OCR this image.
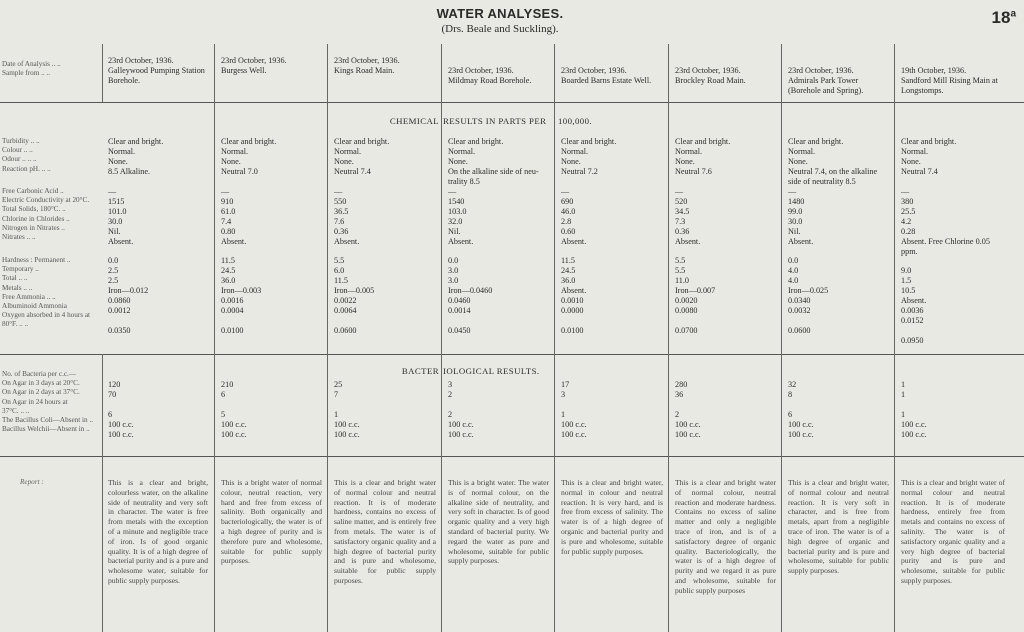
WATER ANALYSES.
(Drs. Beale and Suckling).
18$^a$
Date of Analysis .. ..
Sample from .. ..
Turbidity .. ..
Colour .. ..
Odour .. .. ..
Reaction pH. .. ..
Free Carbonic Acid ..
Electric Conductivity at 20°C.
Total Solids, 180°C. ..
Chlorine in Chlorides ..
Nitrogen in Nitrates ..
Nitrates .. ..
Hardness : Permanent ..
Temporary ..
Total .. ..
Metals .. ..
Free Ammonia .. ..
Albuminoid Ammonia
Oxygen absorbed in 4 hours at
80°F. .. ..
No. of Bacteria per c.c.—
On Agar in 3 days at 20°C.
On Agar in 2 days at 37°C.
On Agar in 24 hours at
37°C. .. ..
The Bacillus Coli—Absent in ..
Bacillus Welchii—Absent in ..
Report :
CHEMICAL RESULTS IN PARTS PER 100,000.
BACTER IOLOGICAL RESULTS.
23rd October, 1936.
Galleywood Pumping Station
Borehole.
Clear and bright.
Normal.
None.
8.5 Alkaline.
—
1515
101.0
30.0
Nil.
Absent.
0.0
2.5
2.5
Iron—0.012
0.0860
0.0012

0.0350

120
70

6
100 c.c.
100 c.c.
This is a clear and bright, colourless water, on the alkaline side of neutrality and very soft in character. The water is free from metals with the exception of a minute and negligible trace of iron. Is of good organic quality. It is of a high degree of bacterial purity and is a pure and wholesome water, suitable for public supply purposes.
23rd October, 1936.
Burgess Well.
Clear and bright.
Normal.
None.
Neutral 7.0
—
910
61.0
7.4
0.80
Absent.
11.5
24.5
36.0
Iron—0.003
0.0016
0.0004

0.0100

210
6

5
100 c.c.
100 c.c.
This is a bright water of normal colour, neutral reaction, very hard and free from excess of salinity. Both organically and bacteriologically, the water is of a high degree of purity and is therefore pure and wholesome, suitable for public supply purposes.
23rd October, 1936.
Kings Road Main.
Clear and bright.
Normal.
None.
Neutral 7.4
—
550
36.5
7.6
0.36
Absent.
5.5
6.0
11.5
Iron—0.005
0.0022
0.0064

0.0600

25
7

1
100 c.c.
100 c.c.
This is a clear and bright water of normal colour and neutral reaction. It is of moderate hardness, contains no excess of saline matter, and is entirely free from metals. The water is of satisfactory organic quality and a high degree of bacterial purity and is pure and wholesome, suitable for public supply purposes.
23rd October, 1936.
Mildmay Road Borehole.
Clear and bright.
Normal.
None.
On the alkaline side of neu-
trality 8.5
—
1540
103.0
32.0
Nil.
Absent.
0.0
3.0
3.0
Iron—0.0460
0.0460
0.0014

0.0450

3
2

2
100 c.c.
100 c.c.
This is a bright water. The water is of normal colour, on the alkaline side of neutrality, and very soft in character. Is of good organic quality and a very high standard of bacterial purity. We regard the water as pure and wholesome, suitable for public supply purposes.
23rd October, 1936.
Boarded Barns Estate Well.
Clear and bright.
Normal.
None.
Neutral 7.2
—
690
46.0
2.8
0.60
Absent.
11.5
24.5
36.0
Absent.
0.0010
0.0000

0.0100

17
3

1
100 c.c.
100 c.c.
This is a clear and bright water, normal in colour and neutral reaction. It is very hard, and is free from excess of salinity. The water is of a high degree of organic and bacterial purity and is pure and wholesome, suitable for public supply purposes.
23rd October, 1936.
Brockley Road Main.
Clear and bright.
Normal.
None.
Neutral 7.6
—
520
34.5
7.3
0.36
Absent.
5.5
5.5
11.0
Iron—0.007
0.0020
0.0080

0.0700

280
36

2
100 c.c.
100 c.c.
This is a clear and bright water of normal colour, neutral reaction and moderate hardness. Contains no excess of saline matter and only a negligible trace of iron, and is of a satisfactory degree of organic quality. Bacteriologically, the water is of a high degree of purity and we regard it as pure and wholesome, suitable for public supply purposes
23rd October, 1936.
Admirals Park Tower
(Borehole and Spring).
Clear and bright.
Normal.
None.
Neutral 7.4, on the alkaline
side of neutrality 8.5
—
1480
99.0
30.0
Nil.
Absent.
0.0
4.0
4.0
Iron—0.025
0.0340
0.0032

0.0600

32
8

6
100 c.c.
100 c.c.
This is a clear and bright water, of normal colour and neutral reaction. It is very soft in character, and is free from metals, apart from a negligible trace of iron. The water is of a high degree of organic and bacterial purity and is pure and wholesome, suitable for public supply purposes.
19th October, 1936.
Sandford Mill Rising Main at
Longstomps.
Clear and bright.
Normal.
None.
Neutral 7.4
—
380
25.5
4.2
0.28
Absent. Free Chlorine 0.05
ppm.
9.0
1.5
10.5
Absent.
0.0036
0.0152

0.0950

1
1

1
100 c.c.
100 c.c.
This is a clear and bright water of normal colour and neutral reaction. It is of moderate hardness, entirely free from metals and contains no excess of salinity. The water is of satisfactory organic quality and a very high degree of bacterial purity and is pure and wholesome, suitable for public supply purposes.
